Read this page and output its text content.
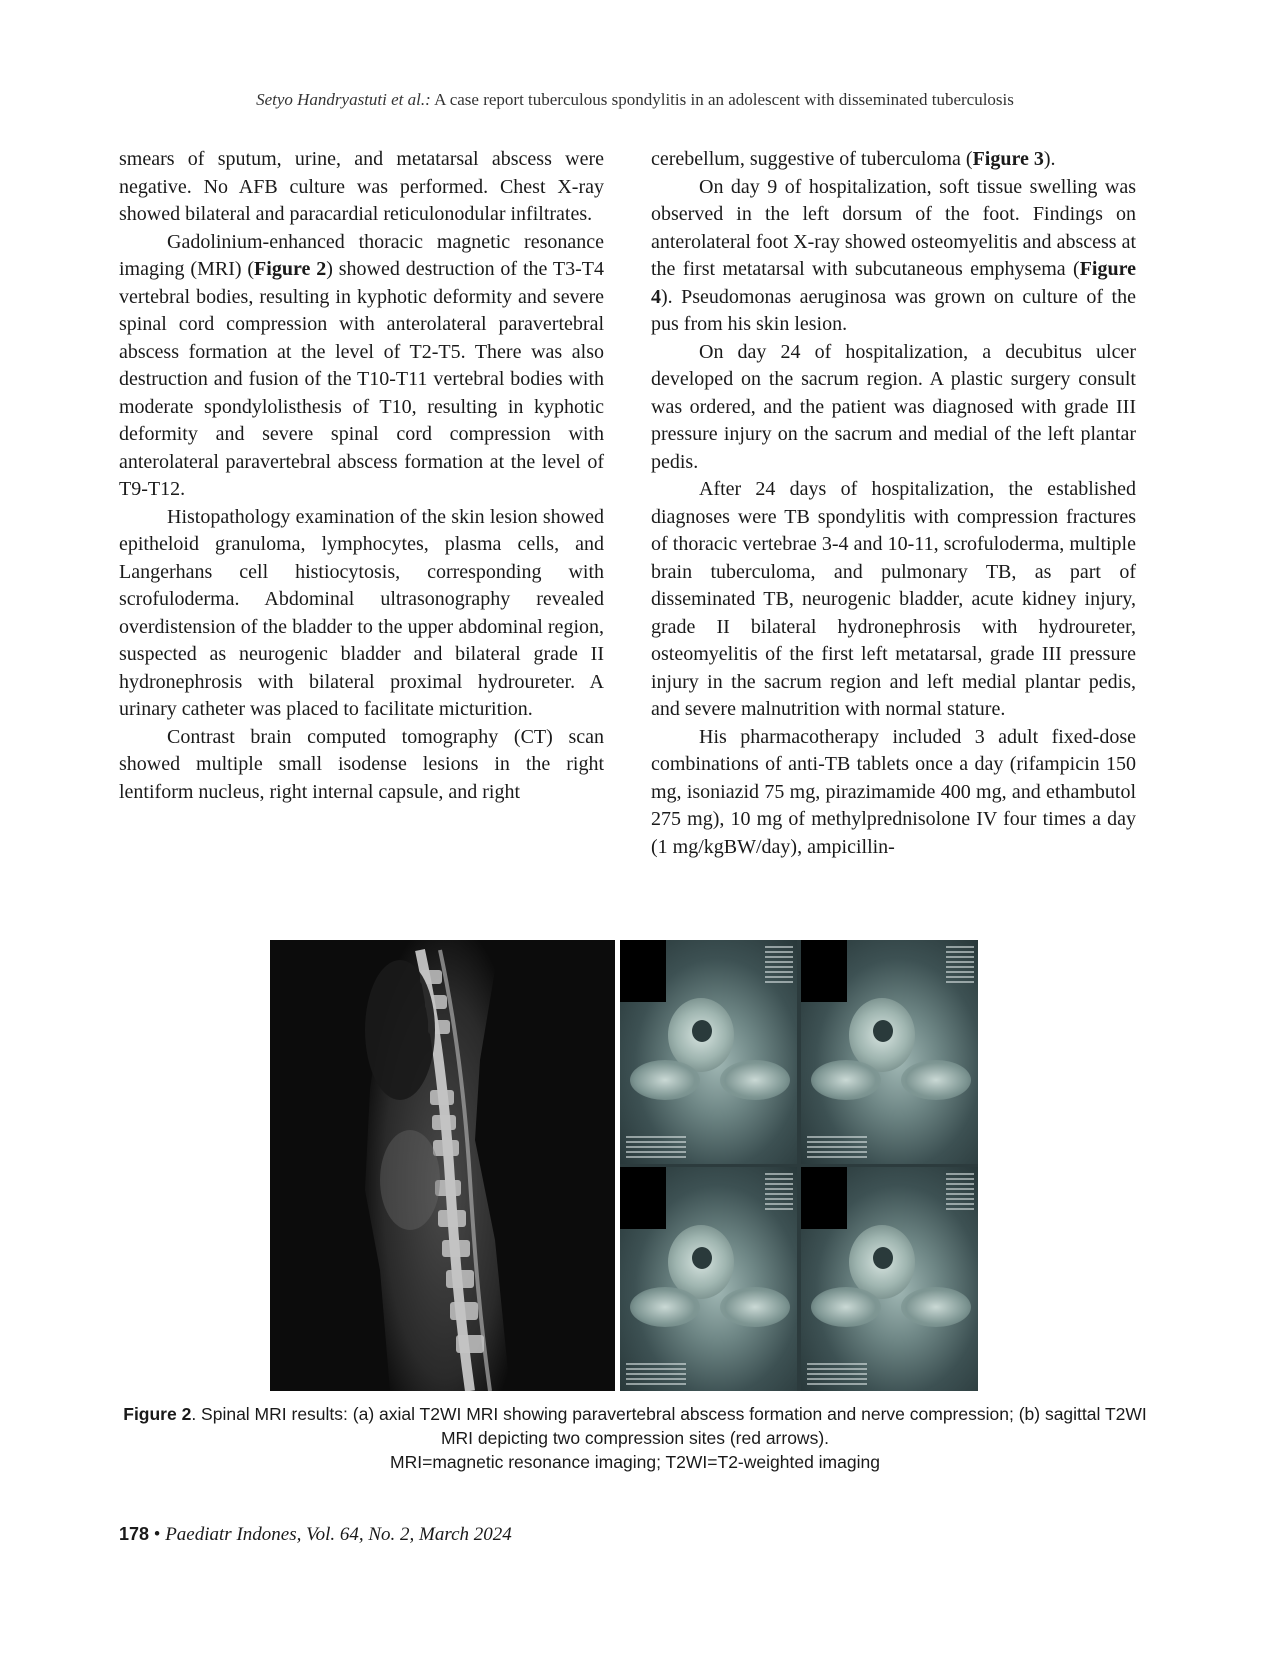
Setyo Handryastuti et al.: A case report tuberculous spondylitis in an adolescent with disseminated tuberculosis

smears of sputum, urine, and metatarsal abscess were negative. No AFB culture was performed. Chest X-ray showed bilateral and paracardial reticulonodular infiltrates.

Gadolinium-enhanced thoracic magnetic resonance imaging (MRI) (Figure 2) showed destruction of the T3-T4 vertebral bodies, resulting in kyphotic deformity and severe spinal cord compression with anterolateral paravertebral abscess formation at the level of T2-T5. There was also destruction and fusion of the T10-T11 vertebral bodies with moderate spondylolisthesis of T10, resulting in kyphotic deformity and severe spinal cord compression with anterolateral paravertebral abscess formation at the level of T9-T12.

Histopathology examination of the skin lesion showed epitheloid granuloma, lymphocytes, plasma cells, and Langerhans cell histiocytosis, corresponding with scrofuloderma. Abdominal ultrasonography revealed overdistension of the bladder to the upper abdominal region, suspected as neurogenic bladder and bilateral grade II hydronephrosis with bilateral proximal hydroureter. A urinary catheter was placed to facilitate micturition.

Contrast brain computed tomography (CT) scan showed multiple small isodense lesions in the right lentiform nucleus, right internal capsule, and right

cerebellum, suggestive of tuberculoma (Figure 3).

On day 9 of hospitalization, soft tissue swelling was observed in the left dorsum of the foot. Findings on anterolateral foot X-ray showed osteomyelitis and abscess at the first metatarsal with subcutaneous emphysema (Figure 4). Pseudomonas aeruginosa was grown on culture of the pus from his skin lesion.

On day 24 of hospitalization, a decubitus ulcer developed on the sacrum region. A plastic surgery consult was ordered, and the patient was diagnosed with grade III pressure injury on the sacrum and medial of the left plantar pedis.

After 24 days of hospitalization, the established diagnoses were TB spondylitis with compression fractures of thoracic vertebrae 3-4 and 10-11, scrofuloderma, multiple brain tuberculoma, and pulmonary TB, as part of disseminated TB, neurogenic bladder, acute kidney injury, grade II bilateral hydronephrosis with hydroureter, osteomyelitis of the first left metatarsal, grade III pressure injury in the sacrum region and left medial plantar pedis, and severe malnutrition with normal stature.

His pharmacotherapy included 3 adult fixed-dose combinations of anti-TB tablets once a day (rifampicin 150 mg, isoniazid 75 mg, pirazimamide 400 mg, and ethambutol 275 mg), 10 mg of methylprednisolone IV four times a day (1 mg/kgBW/day), ampicillin-

Figure 2. Spinal MRI results: (a) axial T2WI MRI showing paravertebral abscess formation and nerve compression; (b) sagittal T2WI MRI depicting two compression sites (red arrows).
MRI=magnetic resonance imaging; T2WI=T2-weighted imaging
178 • Paediatr Indones, Vol. 64, No. 2, March 2024
